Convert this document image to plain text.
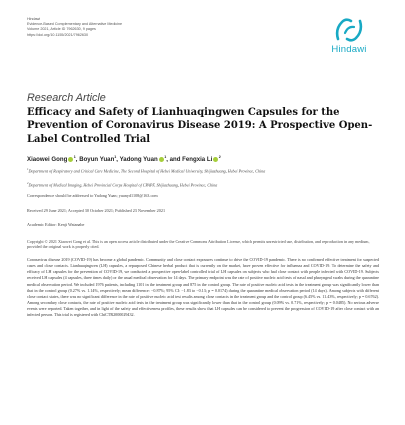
Hindawi
Evidence-Based Complementary and Alternative Medicine
Volume 2021, Article ID 7962630, 9 pages
https://doi.org/10.1155/2021/7962630
Hindawi
Research Article
Efficacy and Safety of Lianhuaqingwen Capsules for the Prevention of Coronavirus Disease 2019: A Prospective Open-Label Controlled Trial
Xiaowei Gong $^1$, Boyun Yuan$^1$, Yadong Yuan $^1$, and Fengxia Li $^2$
$^1$Department of Respiratory and Critical Care Medicine, The Second Hospital of Hebei Medical University, Shijiazhuang, Hebei Province, China
$^2$Department of Medical Imaging, Hebei Provincial Corps Hospital of CPAPF, Shijiazhuang, Hebei Province, China
Correspondence should be addressed to Yadong Yuan; yuanyd1108@163.com
Received 29 June 2021; Accepted 30 October 2021; Published 23 November 2021
Academic Editor: Kenji Watanabe
Copyright © 2021 Xiaowei Gong et al. This is an open access article distributed under the Creative Commons Attribution License, which permits unrestricted use, distribution, and reproduction in any medium, provided the original work is properly cited.
Coronavirus disease 2019 (COVID-19) has become a global pandemic. Community and close contact exposures continue to drive the COVID-19 pandemic. There is no confirmed effective treatment for suspected cases and close contacts. Lianhuaqingwen (LH) capsules, a repurposed Chinese herbal product that is currently on the market, have proven effective for influenza and COVID-19. To determine the safety and efficacy of LH capsules for the prevention of COVID-19, we conducted a prospective open-label controlled trial of LH capsules on subjects who had close contact with people infected with COVID-19. Subjects received LH capsules (4 capsules, three times daily) or the usual medical observation for 14 days. The primary endpoint was the rate of positive nucleic acid tests of nasal and pharyngeal swabs during the quarantine medical observation period. We included 1976 patients, including 1101 in the treatment group and 875 in the control group. The rate of positive nucleic acid tests in the treatment group was significantly lower than that in the control group (0.27% vs. 1.14%, respectively; mean difference: −0.87%; 95% CI: −1.83 to −0.13; p = 0.0174) during the quarantine medical observation period (14 days). Among subjects with different close contact states, there was no significant difference in the rate of positive nucleic acid test results among close contacts in the treatment group and the control group (6.45% vs. 11.43%, respectively; p = 0.6762). Among secondary close contacts, the rate of positive nucleic acid tests in the treatment group was significantly lower than that in the control group (0.09% vs. 0.71%, respectively; p = 0.0485). No serious adverse events were reported. Taken together, and in light of the safety and effectiveness profiles, these results show that LH capsules can be considered to prevent the progression of COVID-19 after close contact with an infected person. This trial is registered with ChiCTR2000029432.
